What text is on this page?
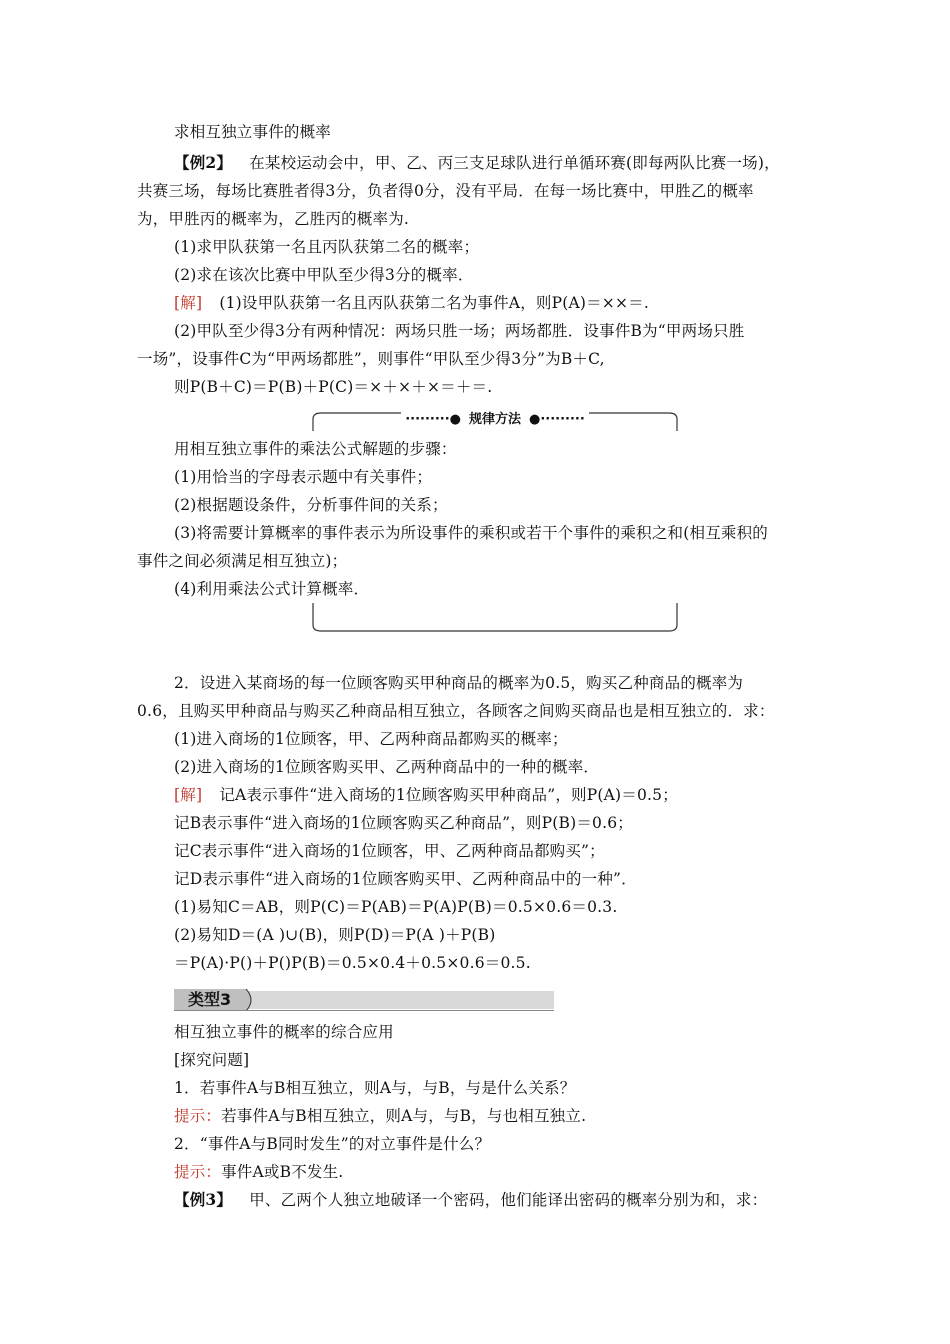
求相互独立事件的概率
【例2】 在某校运动会中，甲、乙、丙三支足球队进行单循环赛(即每两队比赛一场)，
共赛三场，每场比赛胜者得3分，负者得0分，没有平局．在每一场比赛中，甲胜乙的概率
为，甲胜丙的概率为，乙胜丙的概率为.
(1)求甲队获第一名且丙队获第二名的概率；
(2)求在该次比赛中甲队至少得3分的概率．
[解] (1)设甲队获第一名且丙队获第二名为事件A，则P(A)＝××＝.
(2)甲队至少得3分有两种情况：两场只胜一场；两场都胜．设事件B为“甲两场只胜
一场”，设事件C为“甲两场都胜”，则事件“甲队至少得3分”为B＋C,
则P(B＋C)＝P(B)＋P(C)＝×＋×＋×＝＋＝.
·········● 规律方法 ●·········
用相互独立事件的乘法公式解题的步骤：
(1)用恰当的字母表示题中有关事件；
(2)根据题设条件，分析事件间的关系；
(3)将需要计算概率的事件表示为所设事件的乘积或若干个事件的乘积之和(相互乘积的
事件之间必须满足相互独立)；
(4)利用乘法公式计算概率．
2．设进入某商场的每一位顾客购买甲种商品的概率为0.5，购买乙种商品的概率为
0.6，且购买甲种商品与购买乙种商品相互独立，各顾客之间购买商品也是相互独立的．求：
(1)进入商场的1位顾客，甲、乙两种商品都购买的概率；
(2)进入商场的1位顾客购买甲、乙两种商品中的一种的概率．
[解] 记A表示事件“进入商场的1位顾客购买甲种商品”，则P(A)＝0.5；
记B表示事件“进入商场的1位顾客购买乙种商品”，则P(B)＝0.6；
记C表示事件“进入商场的1位顾客，甲、乙两种商品都购买”；
记D表示事件“进入商场的1位顾客购买甲、乙两种商品中的一种”．
(1)易知C＝AB，则P(C)＝P(AB)＝P(A)P(B)＝0.5×0.6＝0.3.
(2)易知D＝(A )∪(B)，则P(D)＝P(A )＋P(B)
＝P(A)·P()＋P()P(B)＝0.5×0.4＋0.5×0.6＝0.5.
类型3
相互独立事件的概率的综合应用
[探究问题]
1．若事件A与B相互独立，则A与，与B，与是什么关系？
提示：若事件A与B相互独立，则A与，与B，与也相互独立.
2．“事件A与B同时发生”的对立事件是什么？
提示：事件A或B不发生.
【例3】 甲、乙两个人独立地破译一个密码，他们能译出密码的概率分别为和，求：
